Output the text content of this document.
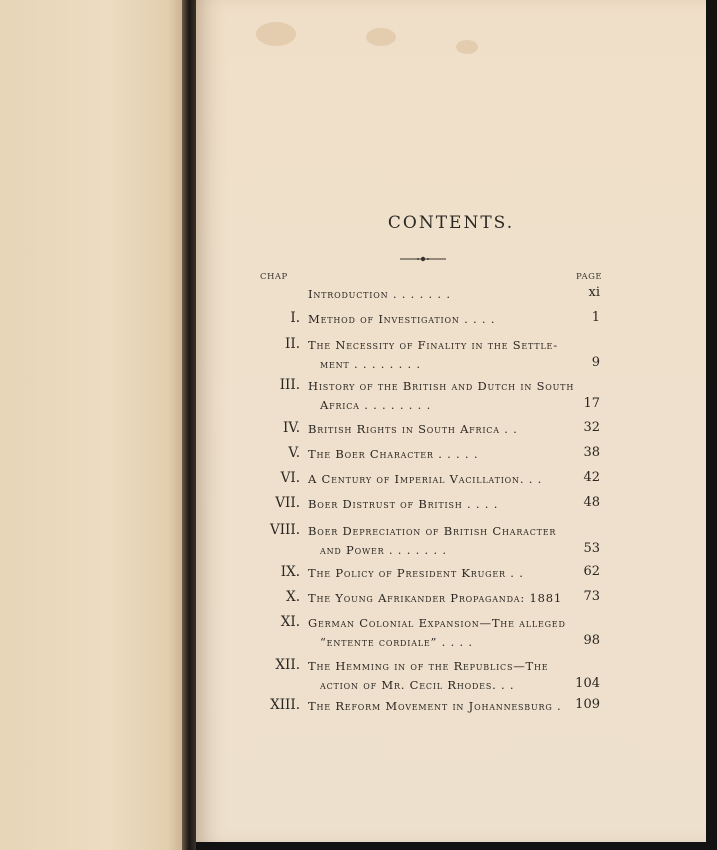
CONTENTS.
CHAP	PAGE
Introduction . . . . . . .	xi
I. Method of Investigation . . . .	1
II. The Necessity of Finality in the Settle-
ment . . . . . . . .	9
III. History of the British and Dutch in South
Africa . . . . . . . .	17
IV. British Rights in South Africa . .	32
V. The Boer Character . . . . .	38
VI. A Century of Imperial Vacillation. . .	42
VII. Boer Distrust of British . . . .	48
VIII. Boer Depreciation of British Character
and Power . . . . . . .	53
IX. The Policy of President Kruger . .	62
X. The Young Afrikander Propaganda: 1881	73
XI. German Colonial Expansion—The alleged
“entente cordiale” . . . .	98
XII. The Hemming in of the Republics—The
action of Mr. Cecil Rhodes. . .	104
XIII. The Reform Movement in Johannesburg .	109
